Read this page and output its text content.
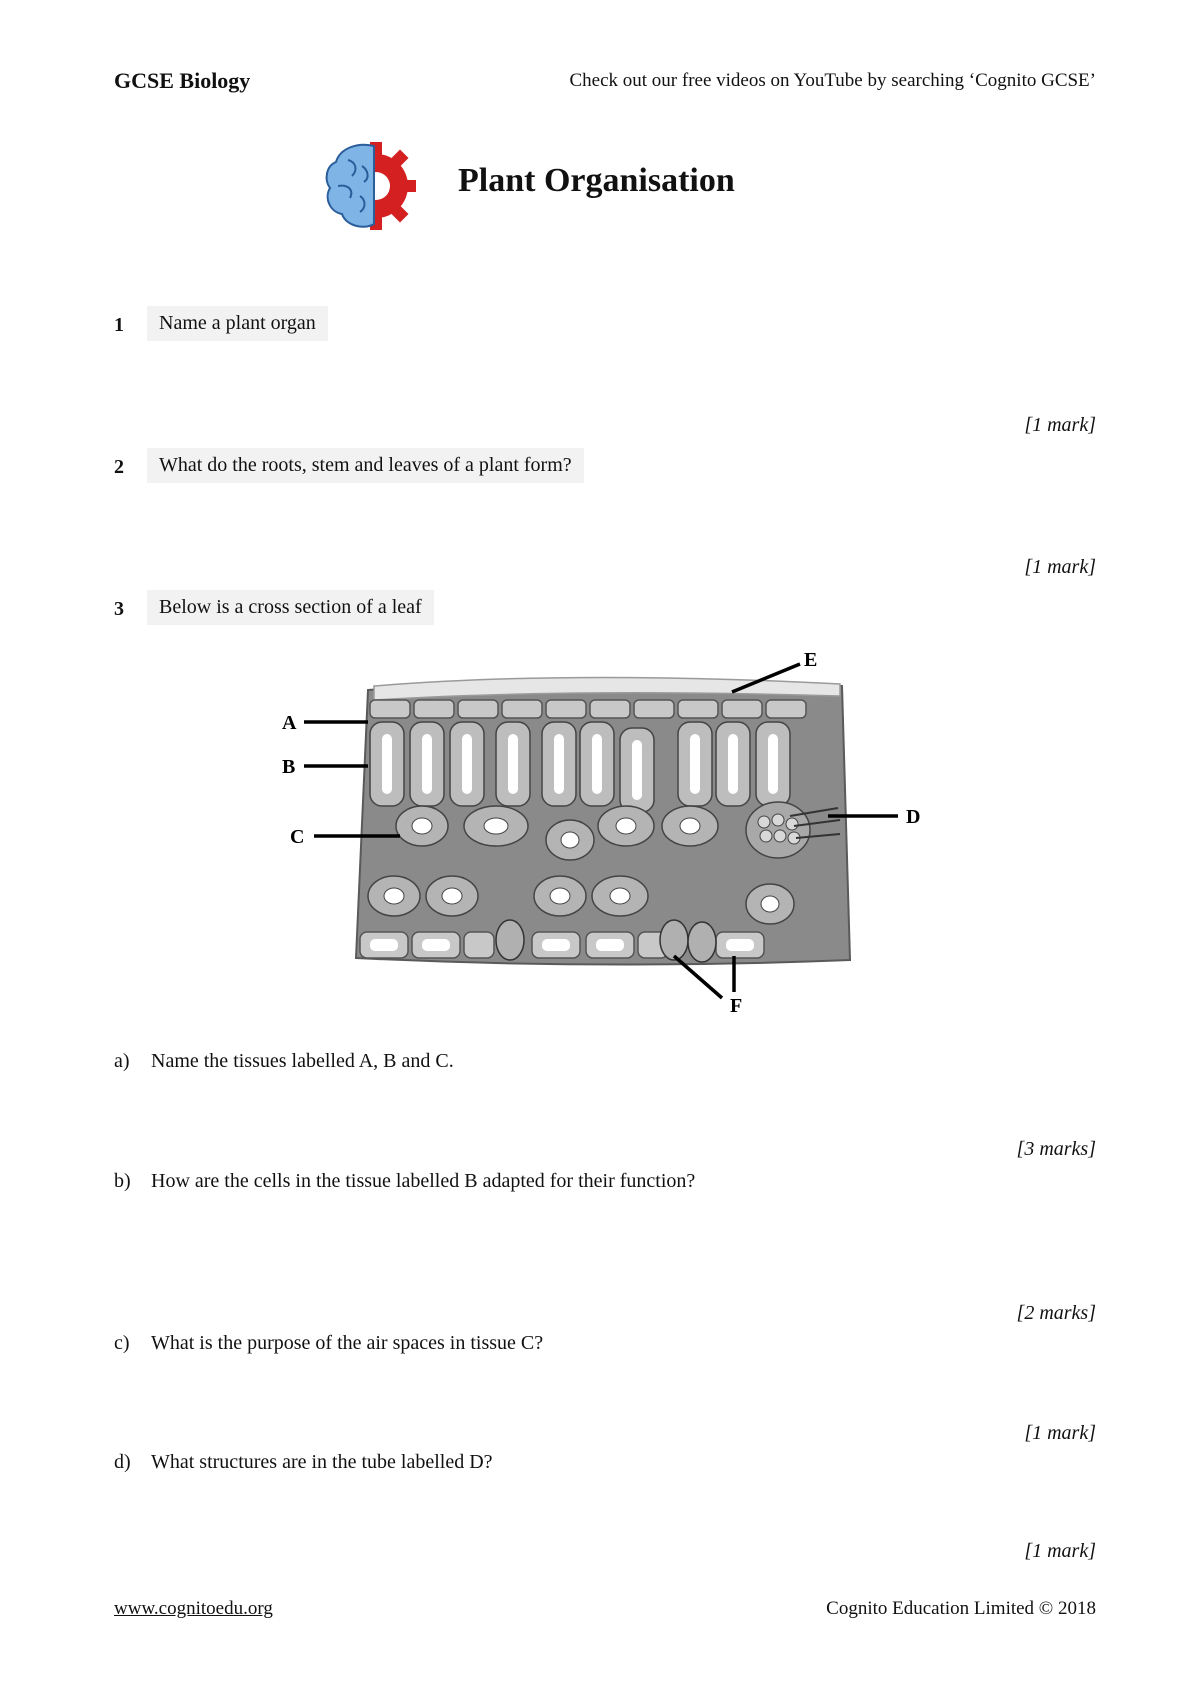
GCSE Biology	Check out our free videos on YouTube by searching ‘Cognito GCSE’
Plant Organisation
1	Name a plant organ
[1 mark]
2	What do the roots, stem and leaves of a plant form?
[1 mark]
3	Below is a cross section of a leaf
A
B
C
D
E
F
a) Name the tissues labelled A, B and C.
[3 marks]
b) How are the cells in the tissue labelled B adapted for their function?
[2 marks]
c) What is the purpose of the air spaces in tissue C?
[1 mark]
d) What structures are in the tube labelled D?
[1 mark]
www.cognitoedu.org	Cognito Education Limited © 2018
